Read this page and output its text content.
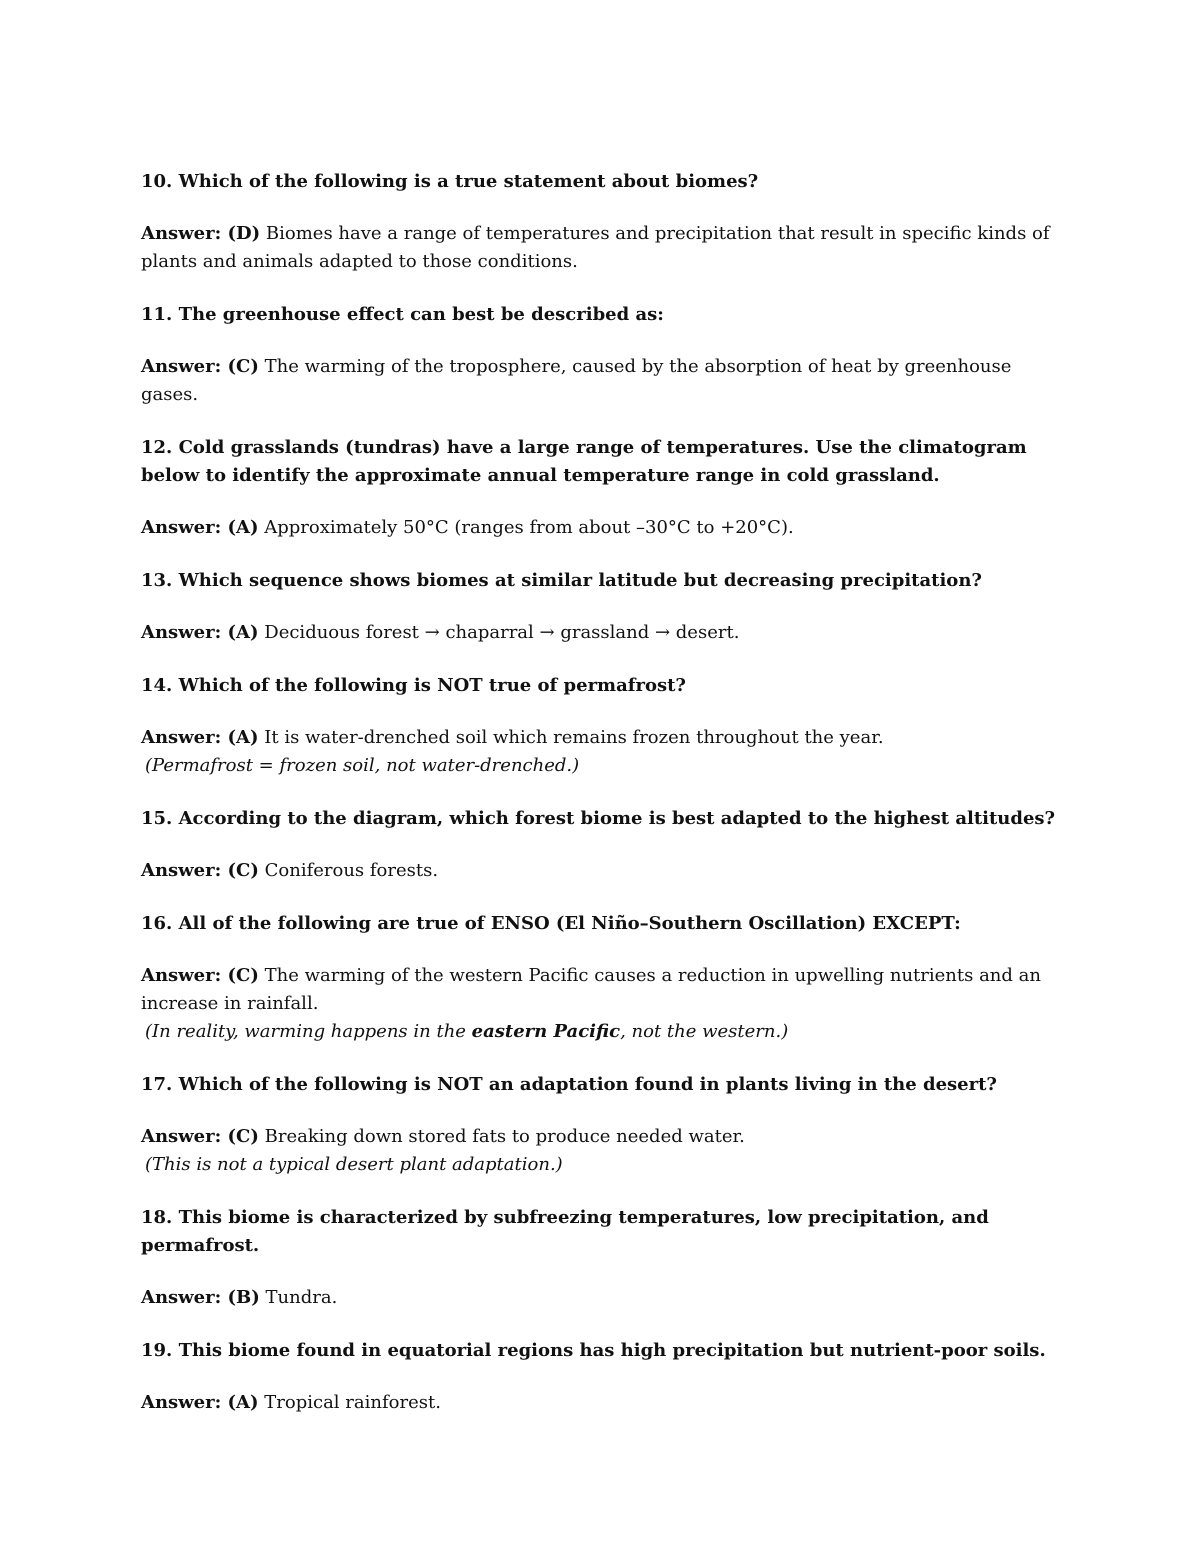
10. Which of the following is a true statement about biomes?

Answer: (D) Biomes have a range of temperatures and precipitation that result in specific kinds of plants and animals adapted to those conditions.

11. The greenhouse effect can best be described as:

Answer: (C) The warming of the troposphere, caused by the absorption of heat by greenhouse gases.

12. Cold grasslands (tundras) have a large range of temperatures. Use the climatogram below to identify the approximate annual temperature range in cold grassland.

Answer: (A) Approximately 50°C (ranges from about –30°C to +20°C).

13. Which sequence shows biomes at similar latitude but decreasing precipitation?

Answer: (A) Deciduous forest → chaparral → grassland → desert.

14. Which of the following is NOT true of permafrost?

Answer: (A) It is water-drenched soil which remains frozen throughout the year.
(Permafrost = frozen soil, not water-drenched.)

15. According to the diagram, which forest biome is best adapted to the highest altitudes?

Answer: (C) Coniferous forests.

16. All of the following are true of ENSO (El Niño–Southern Oscillation) EXCEPT:

Answer: (C) The warming of the western Pacific causes a reduction in upwelling nutrients and an increase in rainfall.
(In reality, warming happens in the eastern Pacific, not the western.)

17. Which of the following is NOT an adaptation found in plants living in the desert?

Answer: (C) Breaking down stored fats to produce needed water.
(This is not a typical desert plant adaptation.)

18. This biome is characterized by subfreezing temperatures, low precipitation, and permafrost.

Answer: (B) Tundra.

19. This biome found in equatorial regions has high precipitation but nutrient-poor soils.

Answer: (A) Tropical rainforest.
